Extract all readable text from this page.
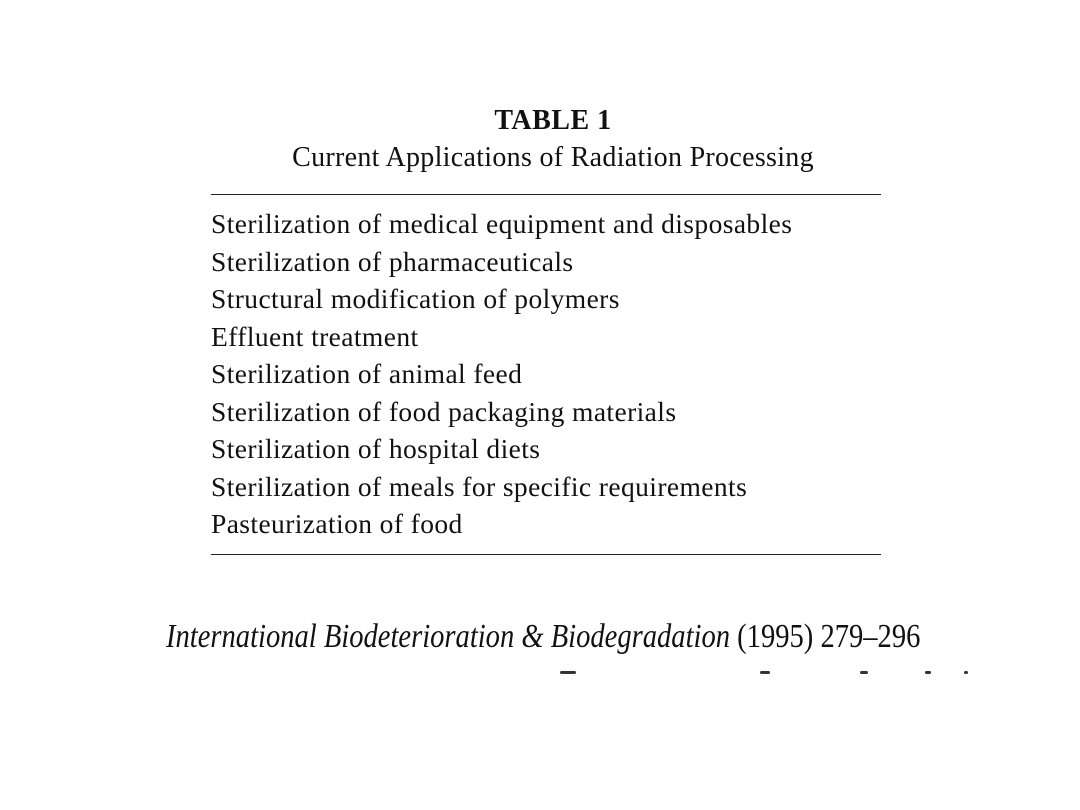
TABLE 1

Current Applications of Radiation Processing

Sterilization of medical equipment and disposables
Sterilization of pharmaceuticals
Structural modification of polymers
Effluent treatment
Sterilization of animal feed
Sterilization of food packaging materials
Sterilization of hospital diets
Sterilization of meals for specific requirements
Pasteurization of food
International Biodeterioration & Biodegradation (1995) 279–296
